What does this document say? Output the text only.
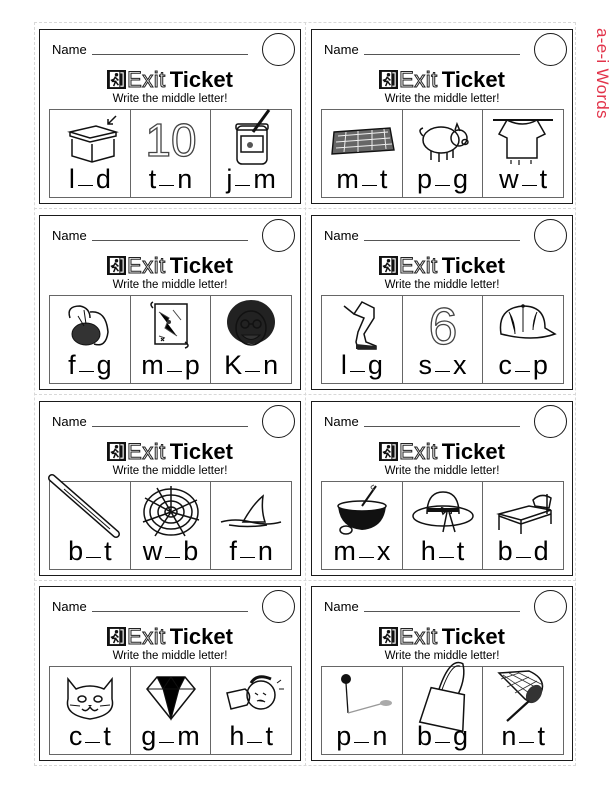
a-e-i Words
Name
Exit Ticket
Write the middle letter!
l d
10
t n	j m
Name
Exit Ticket
Write the middle letter!
m t	p g	w t
Name
Exit Ticket
Write the middle letter!
f g	m p K n
Name
Exit Ticket
Write the middle letter!
l g
6
s x	c p
Name
Exit Ticket
Write the middle letter!
b t	w b	f n
Name
Exit Ticket
Write the middle letter!
m x	h t	b d
Name
Exit Ticket
Write the middle letter!
c t	g m	h t
Name
Exit Ticket
Write the middle letter!
p n	b g	n t
